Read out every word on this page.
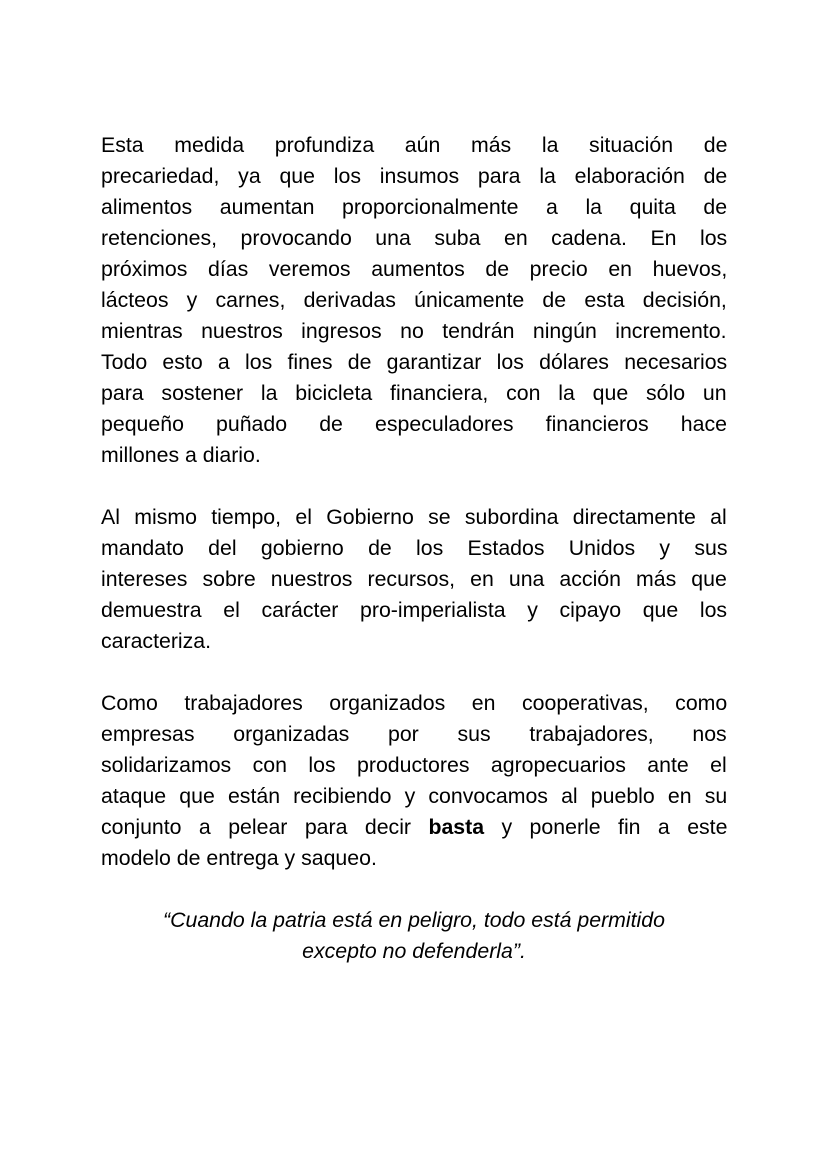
Esta medida profundiza aún más la situación de
precariedad, ya que los insumos para la elaboración de
alimentos aumentan proporcionalmente a la quita de
retenciones, provocando una suba en cadena. En los
próximos días veremos aumentos de precio en huevos,
lácteos y carnes, derivadas únicamente de esta decisión,
mientras nuestros ingresos no tendrán ningún incremento.
Todo esto a los fines de garantizar los dólares necesarios
para sostener la bicicleta financiera, con la que sólo un
pequeño puñado de especuladores financieros hace
millones a diario.
Al mismo tiempo, el Gobierno se subordina directamente al
mandato del gobierno de los Estados Unidos y sus
intereses sobre nuestros recursos, en una acción más que
demuestra el carácter pro-imperialista y cipayo que los
caracteriza.
Como trabajadores organizados en cooperativas, como
empresas organizadas por sus trabajadores, nos
solidarizamos con los productores agropecuarios ante el
ataque que están recibiendo y convocamos al pueblo en su
conjunto a pelear para decir basta y ponerle fin a este
modelo de entrega y saqueo.
“Cuando la patria está en peligro, todo está permitido
excepto no defenderla”.
